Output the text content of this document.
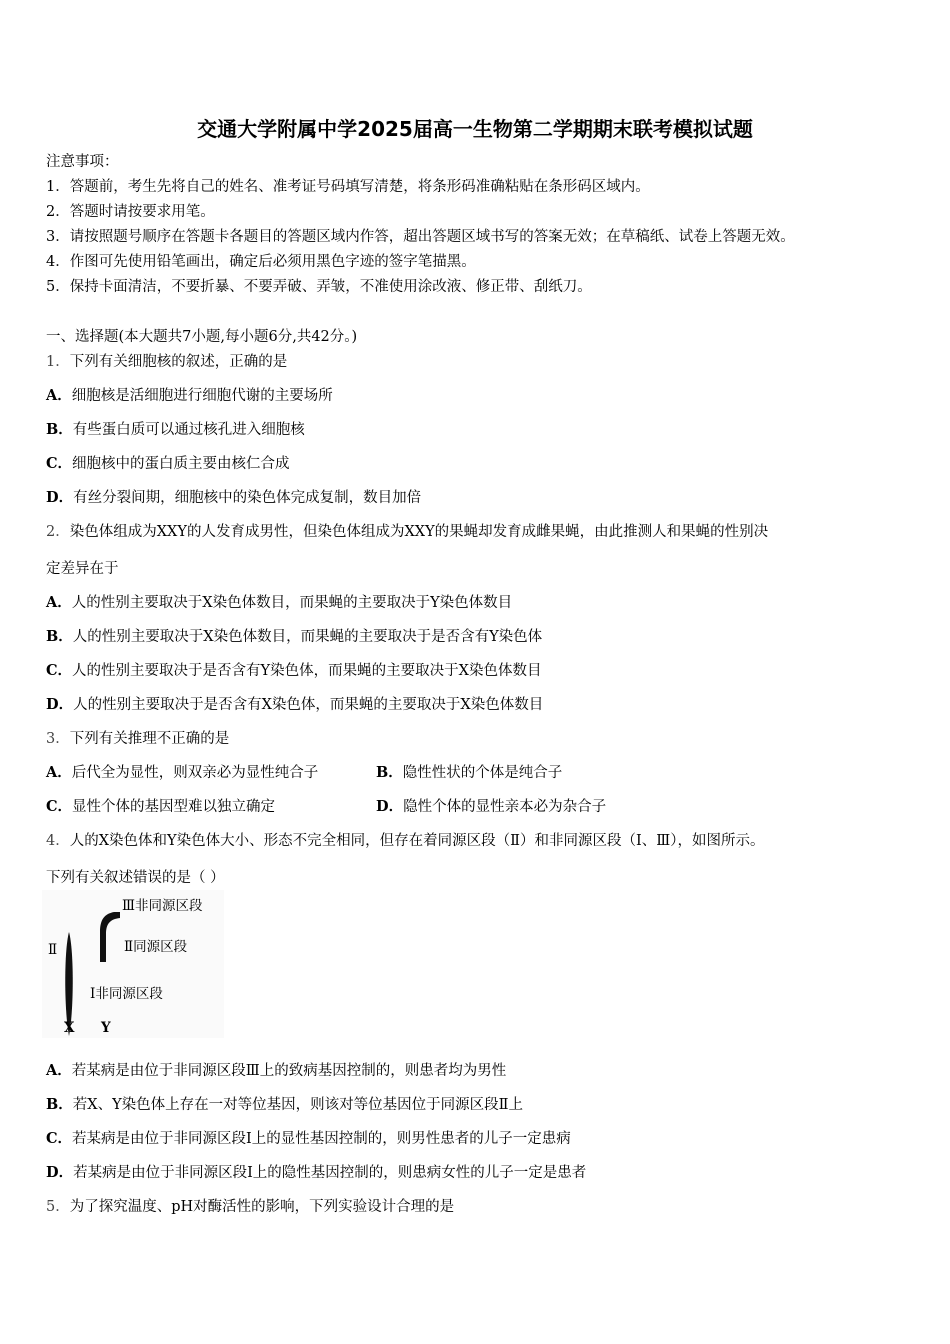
交通大学附属中学2025届高一生物第二学期期末联考模拟试题
注意事项：
1．答题前，考生先将自己的姓名、准考证号码填写清楚，将条形码准确粘贴在条形码区域内。
2．答题时请按要求用笔。
3．请按照题号顺序在答题卡各题目的答题区域内作答，超出答题区域书写的答案无效；在草稿纸、试卷上答题无效。
4．作图可先使用铅笔画出，确定后必须用黑色字迹的签字笔描黑。
5．保持卡面清洁，不要折暴、不要弄破、弄皱，不准使用涂改液、修正带、刮纸刀。
一、选择题(本大题共7小题,每小题6分,共42分。)
1．下列有关细胞核的叙述，正确的是
A．细胞核是活细胞进行细胞代谢的主要场所
B．有些蛋白质可以通过核孔进入细胞核
C．细胞核中的蛋白质主要由核仁合成
D．有丝分裂间期，细胞核中的染色体完成复制，数目加倍
2．染色体组成为XXY的人发育成男性，但染色体组成为XXY的果蝇却发育成雌果蝇，由此推测人和果蝇的性别决
定差异在于
A．人的性别主要取决于X染色体数目，而果蝇的主要取决于Y染色体数目
B．人的性别主要取决于X染色体数目，而果蝇的主要取决于是否含有Y染色体
C．人的性别主要取决于是否含有Y染色体，而果蝇的主要取决于X染色体数目
D．人的性别主要取决于是否含有X染色体，而果蝇的主要取决于X染色体数目
3．下列有关推理不正确的是
A．后代全为显性，则双亲必为显性纯合子	B．隐性性状的个体是纯合子
C．显性个体的基因型难以独立确定	D．隐性个体的显性亲本必为杂合子
4．人的X染色体和Y染色体大小、形态不完全相同，但存在着同源区段（Ⅱ）和非同源区段（Ⅰ、Ⅲ），如图所示。
下列有关叙述错误的是（ ）
Ⅲ非同源区段
Ⅱ同源区段
Ⅰ非同源区段
Ⅱ
X Y
A．若某病是由位于非同源区段Ⅲ上的致病基因控制的，则患者均为男性
B．若X、Y染色体上存在一对等位基因，则该对等位基因位于同源区段Ⅱ上
C．若某病是由位于非同源区段Ⅰ上的显性基因控制的，则男性患者的儿子一定患病
D．若某病是由位于非同源区段Ⅰ上的隐性基因控制的，则患病女性的儿子一定是患者
5．为了探究温度、pH对酶活性的影响，下列实验设计合理的是
